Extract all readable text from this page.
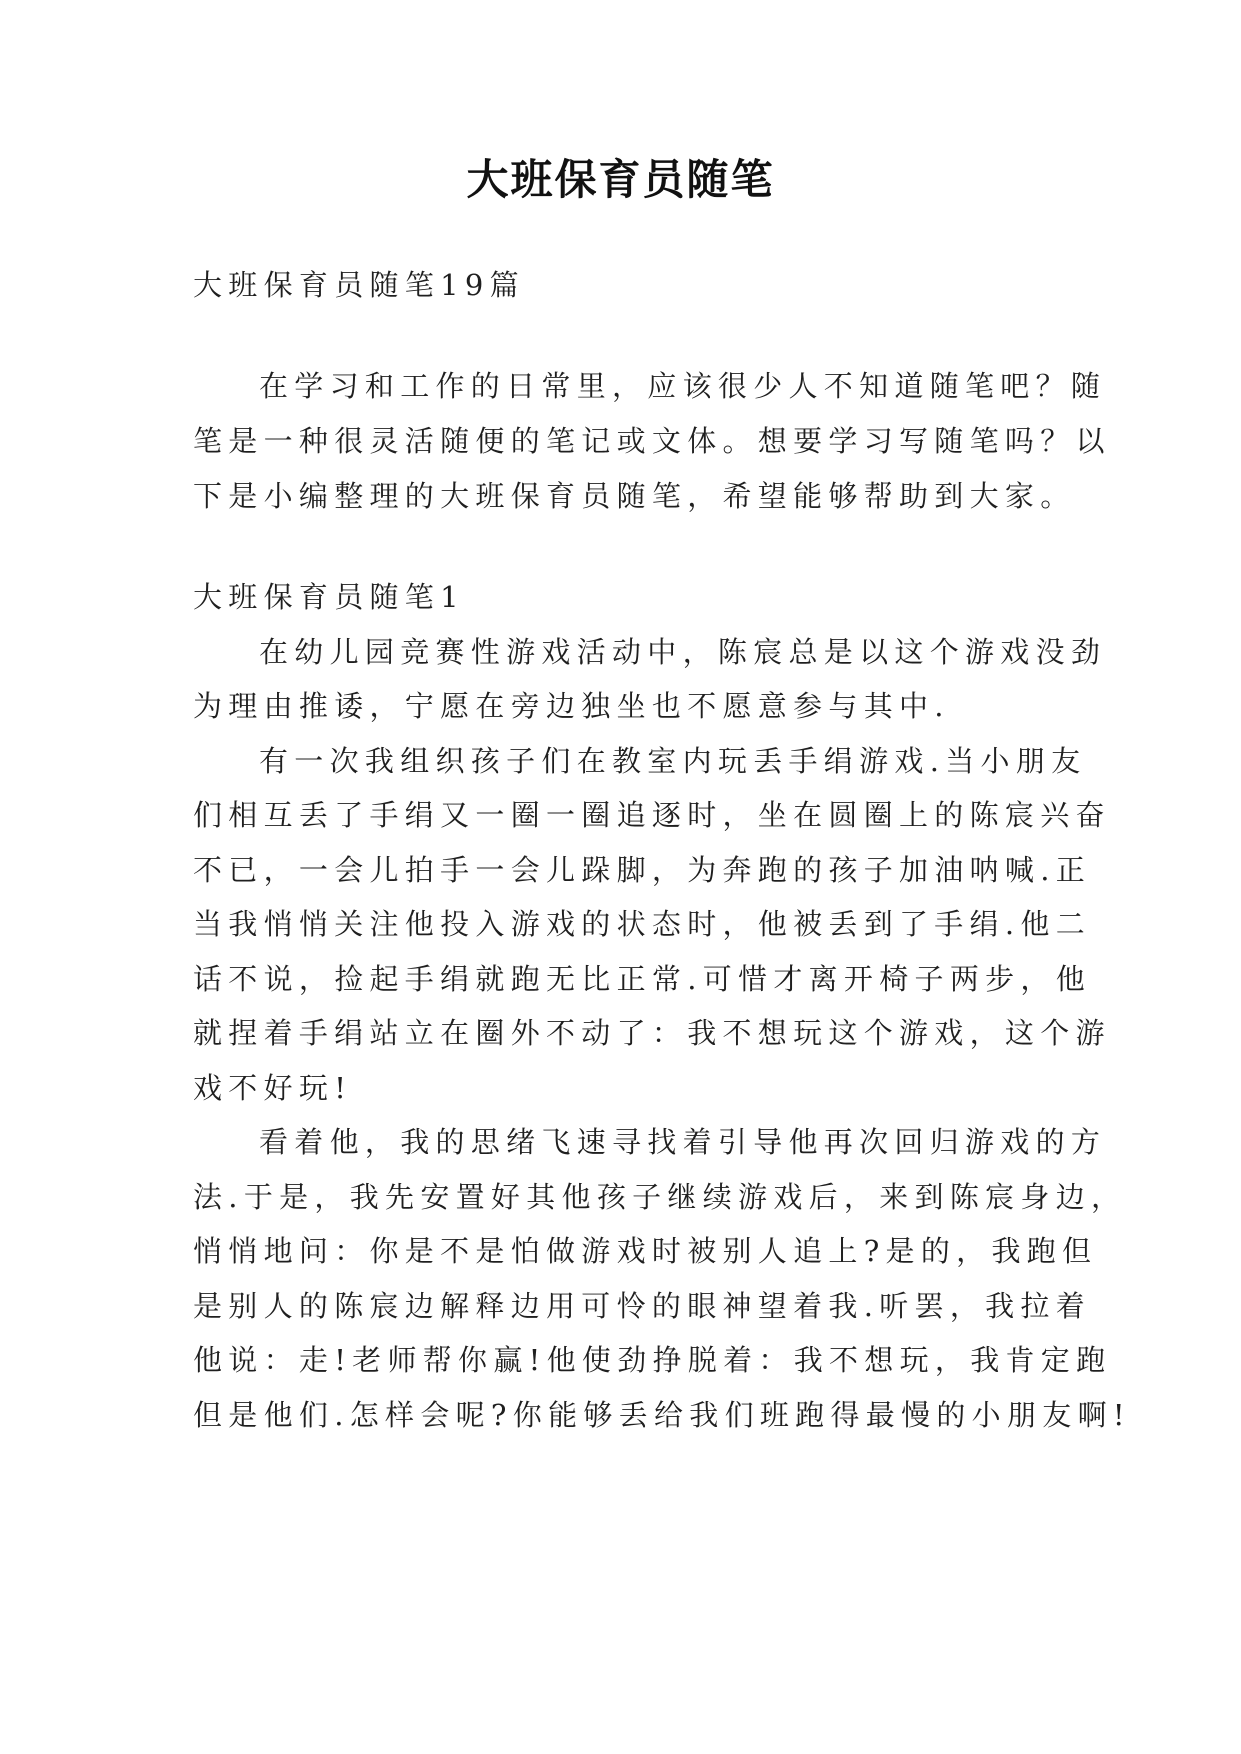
大班保育员随笔
大班保育员随笔19篇
在学习和工作的日常里，应该很少人不知道随笔吧？随
笔是一种很灵活随便的笔记或文体。想要学习写随笔吗？以
下是小编整理的大班保育员随笔，希望能够帮助到大家。
大班保育员随笔1
在幼儿园竞赛性游戏活动中，陈宸总是以这个游戏没劲
为理由推诿，宁愿在旁边独坐也不愿意参与其中.
有一次我组织孩子们在教室内玩丢手绢游戏.当小朋友
们相互丢了手绢又一圈一圈追逐时，坐在圆圈上的陈宸兴奋
不已，一会儿拍手一会儿跺脚，为奔跑的孩子加油呐喊.正
当我悄悄关注他投入游戏的状态时，他被丢到了手绢.他二
话不说，捡起手绢就跑无比正常.可惜才离开椅子两步，他
就捏着手绢站立在圈外不动了：我不想玩这个游戏，这个游
戏不好玩!
看着他，我的思绪飞速寻找着引导他再次回归游戏的方
法.于是，我先安置好其他孩子继续游戏后，来到陈宸身边，
悄悄地问：你是不是怕做游戏时被别人追上?是的，我跑但
是别人的陈宸边解释边用可怜的眼神望着我.听罢，我拉着
他说：走!老师帮你赢!他使劲挣脱着：我不想玩，我肯定跑
但是他们.怎样会呢?你能够丢给我们班跑得最慢的小朋友啊!
